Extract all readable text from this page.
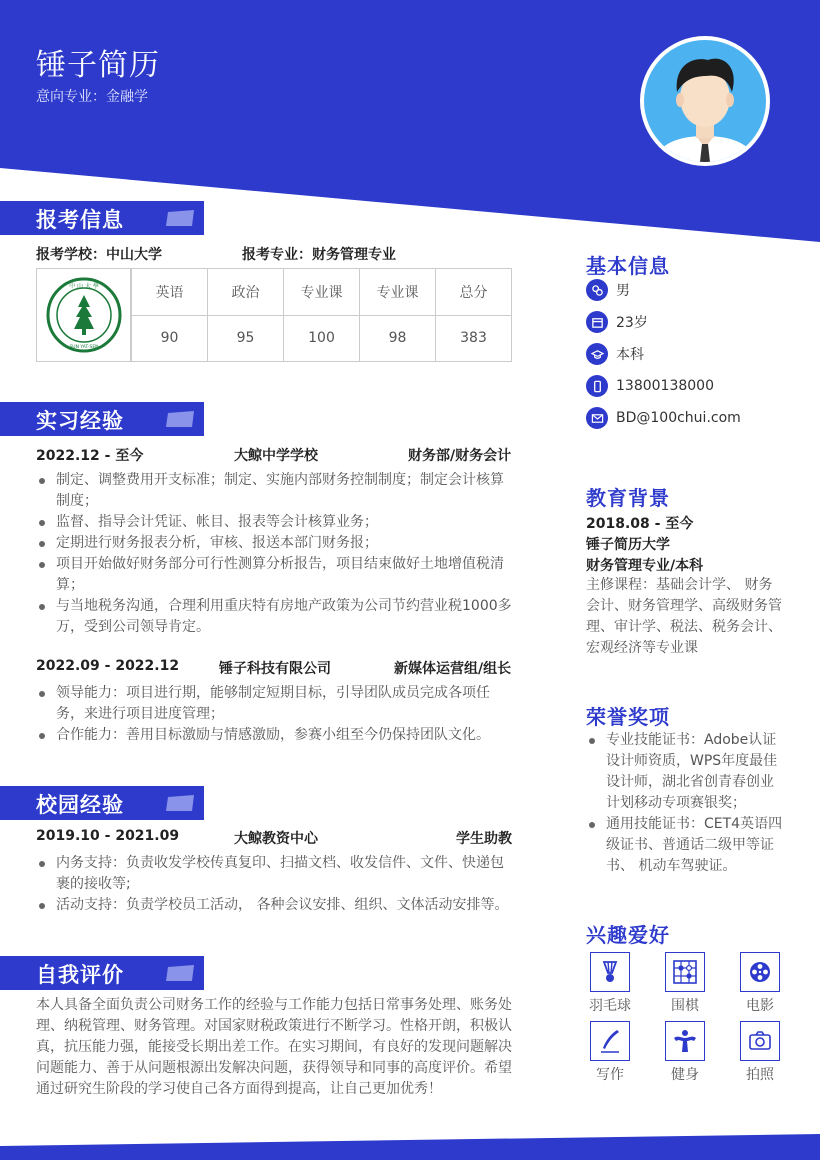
锤子简历
意向专业：金融学
报考信息
报考学校：中山大学	报考专业：财务管理专业
中 山 大 學
SUN YAT-SEN
英语	政治	专业课	专业课	总分
90	95	100	98	383
实习经验
2022.12 - 至今	大鲸中学学校	财务部/财务会计
制定、调整费用开支标准；制定、实施内部财务控制制度；制定会计核算制度；
监督、指导会计凭证、帐目、报表等会计核算业务；
定期进行财务报表分析，审核、报送本部门财务报；
项目开始做好财务部分可行性测算分析报告，项目结束做好土地增值税清算；
与当地税务沟通，合理利用重庆特有房地产政策为公司节约营业税1000多万，受到公司领导肯定。
2022.09 - 2022.12	锤子科技有限公司	新媒体运营组/组长
领导能力：项目进行期，能够制定短期目标，引导团队成员完成各项任务，来进行项目进度管理；
合作能力：善用目标激励与情感激励，参赛小组至今仍保持团队文化。
校园经验
2019.10 - 2021.09	大鲸教资中心	学生助教
内务支持：负责收发学校传真复印、扫描文档、收发信件、文件、快递包裹的接收等;
活动支持：负责学校员工活动， 各种会议安排、组织、文体活动安排等。
自我评价
本人具备全面负责公司财务工作的经验与工作能力包括日常事务处理、账务处理、纳税管理、财务管理。对国家财税政策进行不断学习。性格开朗，积极认真，抗压能力强，能接受长期出差工作。在实习期间，有良好的发现问题解决问题能力、善于从问题根源出发解决问题，获得领导和同事的高度评价。希望通过研究生阶段的学习使自己各方面得到提高，让自己更加优秀！
基本信息
男
23岁
本科
13800138000
BD@100chui.com
教育背景
2018.08 - 至今
锤子简历大学
财务管理专业/本科
主修课程：基础会计学、 财务会计、财务管理学、高级财务管理、审计学、税法、税务会计、宏观经济等专业课
荣誉奖项
专业技能证书：Adobe认证设计师资质，WPS年度最佳设计师，湖北省创青春创业计划移动专项赛银奖；
通用技能证书：CET4英语四级证书、普通话二级甲等证书、 机动车驾驶证。
兴趣爱好
羽毛球	围棋	电影
写作	健身	拍照
